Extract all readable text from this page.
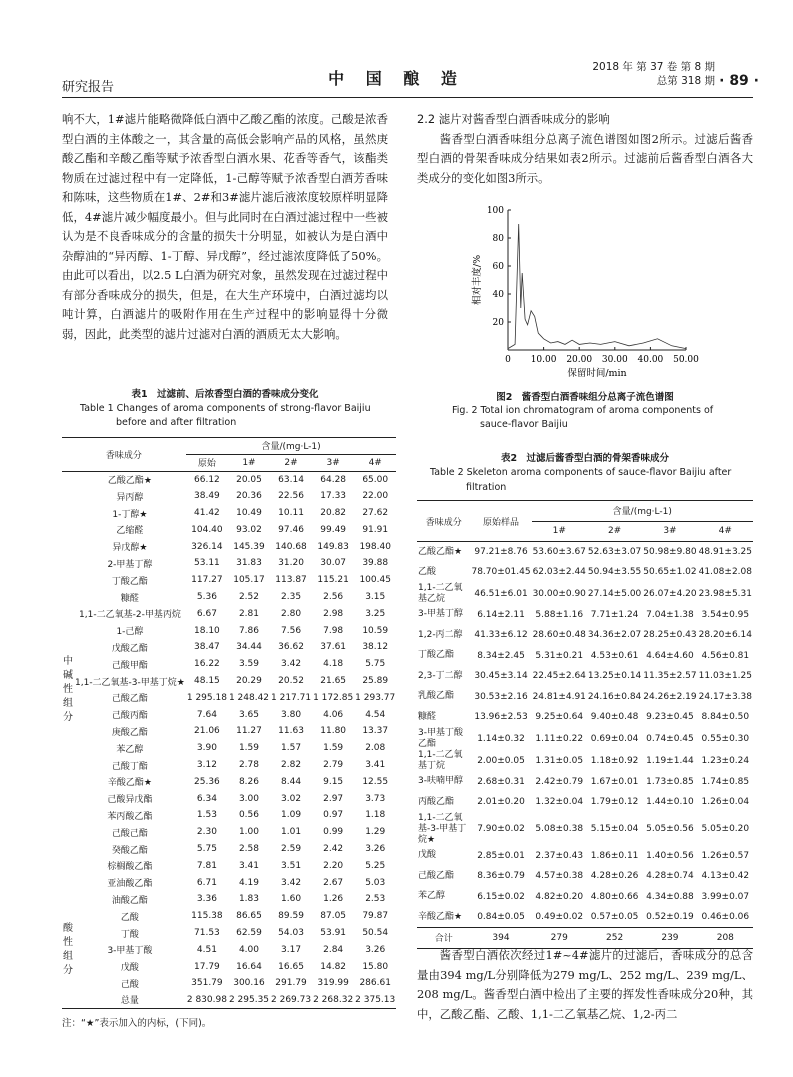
研究报告	中 国 酿 造
2018 年 第 37 卷 第 8 期
总第 318 期 · 89 ·

响不大，1#滤片能略微降低白酒中乙酸乙酯的浓度。己酸是浓香型白酒的主体酸之一，其含量的高低会影响产品的风格，虽然庚酸乙酯和辛酸乙酯等赋予浓香型白酒水果、花香等香气，该酯类物质在过滤过程中有一定降低，1-己醇等赋予浓香型白酒芳香味和陈味，这些物质在1#、2#和3#滤片滤后液浓度较原样明显降低，4#滤片减少幅度最小。但与此同时在白酒过滤过程中一些被认为是不良香味成分的含量的损失十分明显，如被认为是白酒中杂醇油的“异丙醇、1-丁醇、异戊醇”，经过滤浓度降低了50%。由此可以看出，以2.5 L白酒为研究对象，虽然发现在过滤过程中有部分香味成分的损失，但是，在大生产环境中，白酒过滤均以吨计算，白酒滤片的吸附作用在生产过程中的影响显得十分微弱，因此，此类型的滤片过滤对白酒的酒质无太大影响。

表1　过滤前、后浓香型白酒的香味成分变化
Table 1 Changes of aroma components of strong-flavor Baijiu
before and after filtration
香味成分		含量/(mg·L-1)				
		原始	1#	2#	3#	4#
中碱性组分	乙酸乙酯★	66.12	20.05	63.14	64.28	65.00
	异丙醇	38.49	20.36	22.56	17.33	22.00
	1-丁醇★	41.42	10.49	10.11	20.82	27.62
	乙缩醛	104.40	93.02	97.46	99.49	91.91
	异戊醇★	326.14	145.39	140.68	149.83	198.40
	2-甲基丁醇	53.11	31.83	31.20	30.07	39.88
	丁酸乙酯	117.27	105.17	113.87	115.21	100.45
	糠醛	5.36	2.52	2.35	2.56	3.15
	1,1-二乙氧基-2-甲基丙烷	6.67	2.81	2.80	2.98	3.25
	1-己醇	18.10	7.86	7.56	7.98	10.59
	戊酸乙酯	38.47	34.44	36.62	37.61	38.12
	己酸甲酯	16.22	3.59	3.42	4.18	5.75
	1,1-二乙氧基-3-甲基丁烷★	48.15	20.29	20.52	21.65	25.89
	己酸乙酯	1 295.18	1 248.42	1 217.71	1 172.85	1 293.77
	己酸丙酯	7.64	3.65	3.80	4.06	4.54
	庚酸乙酯	21.06	11.27	11.63	11.80	13.37
	苯乙醇	3.90	1.59	1.57	1.59	2.08
	己酸丁酯	3.12	2.78	2.82	2.79	3.41
	辛酸乙酯★	25.36	8.26	8.44	9.15	12.55
	己酸异戊酯	6.34	3.00	3.02	2.97	3.73
	苯丙酸乙酯	1.53	0.56	1.09	0.97	1.18
	己酸己酯	2.30	1.00	1.01	0.99	1.29
	癸酸乙酯	5.75	2.58	2.59	2.42	3.26
	棕榈酸乙酯	7.81	3.41	3.51	2.20	5.25
	亚油酸乙酯	6.71	4.19	3.42	2.67	5.03
	油酸乙酯	3.36	1.83	1.60	1.26	2.53
酸性组分	乙酸	115.38	86.65	89.59	87.05	79.87
	丁酸	71.53	62.59	54.03	53.91	50.54
	3-甲基丁酸	4.51	4.00	3.17	2.84	3.26
	戊酸	17.79	16.64	16.65	14.82	15.80
	己酸	351.79	300.16	291.79	319.99	286.61
	总量	2 830.98	2 295.35	2 269.73	2 268.32	2 375.13
注：“★”表示加入的内标，(下同)。

2.2 滤片对酱香型白酒香味成分的影响

酱香型白酒香味组分总离子流色谱图如图2所示。过滤后酱香型白酒的骨架香味成分结果如表2所示。过滤前后酱香型白酒各大类成分的变化如图3所示。

100
80
60
40
20
0 10.00 20.00 30.00 40.00 50.00
保留时间/min
相对丰度/%
图2　酱香型白酒香味组分总离子流色谱图
Fig. 2 Total ion chromatogram of aroma components of
sauce-flavor Baijiu
表2　过滤后酱香型白酒的骨架香味成分
Table 2 Skeleton aroma components of sauce-flavor Baijiu after
filtration
香味成分	原始样品	含量/(mg·L-1)			
		1#	2#	3#	4#
乙酸乙酯★	97.21±8.76	53.60±3.67	52.63±3.07	50.98±9.80	48.91±3.25
乙酸	78.70±01.45	62.03±2.44	50.94±3.55	50.65±1.02	41.08±2.08
1,1-二乙氧基乙烷	46.51±6.01	30.00±0.90	27.14±5.00	26.07±4.20	23.98±5.31
3-甲基丁醇	6.14±2.11	5.88±1.16	7.71±1.24	7.04±1.38	3.54±0.95
1,2-丙二醇	41.33±6.12	28.60±0.48	34.36±2.07	28.25±0.43	28.20±6.14
丁酸乙酯	8.34±2.45	5.31±0.21	4.53±0.61	4.64±4.60	4.56±0.81
2,3-丁二醇	30.45±3.14	22.45±2.64	13.25±0.14	11.35±2.57	11.03±1.25
乳酸乙酯	30.53±2.16	24.81±4.91	24.16±0.84	24.26±2.19	24.17±3.38
糠醛	13.96±2.53	9.25±0.64	9.40±0.48	9.23±0.45	8.84±0.50
3-甲基丁酸乙酯	1.14±0.32	1.11±0.22	0.69±0.04	0.74±0.45	0.55±0.30
1,1-二乙氧基丁烷	2.00±0.05	1.31±0.05	1.18±0.92	1.19±1.44	1.23±0.24
3-呋喃甲醇	2.68±0.31	2.42±0.79	1.67±0.01	1.73±0.85	1.74±0.85
丙酸乙酯	2.01±0.20	1.32±0.04	1.79±0.12	1.44±0.10	1.26±0.04
1,1-二乙氧基-3-甲基丁烷★	7.90±0.02	5.08±0.38	5.15±0.04	5.05±0.56	5.05±0.20
戊酸	2.85±0.01	2.37±0.43	1.86±0.11	1.40±0.56	1.26±0.57
己酸乙酯	8.36±0.79	4.57±0.38	4.28±0.26	4.28±0.74	4.13±0.42
苯乙醇	6.15±0.02	4.82±0.20	4.80±0.66	4.34±0.88	3.99±0.07
辛酸乙酯★	0.84±0.05	0.49±0.02	0.57±0.05	0.52±0.19	0.46±0.06
合计	394	279	252	239	208

酱香型白酒依次经过1#~4#滤片的过滤后，香味成分的总含量由394 mg/L分别降低为279 mg/L、252 mg/L、239 mg/L、208 mg/L。酱香型白酒中检出了主要的挥发性香味成分20种，其中，乙酸乙酯、乙酸、1,1-二乙氧基乙烷、1,2-丙二
